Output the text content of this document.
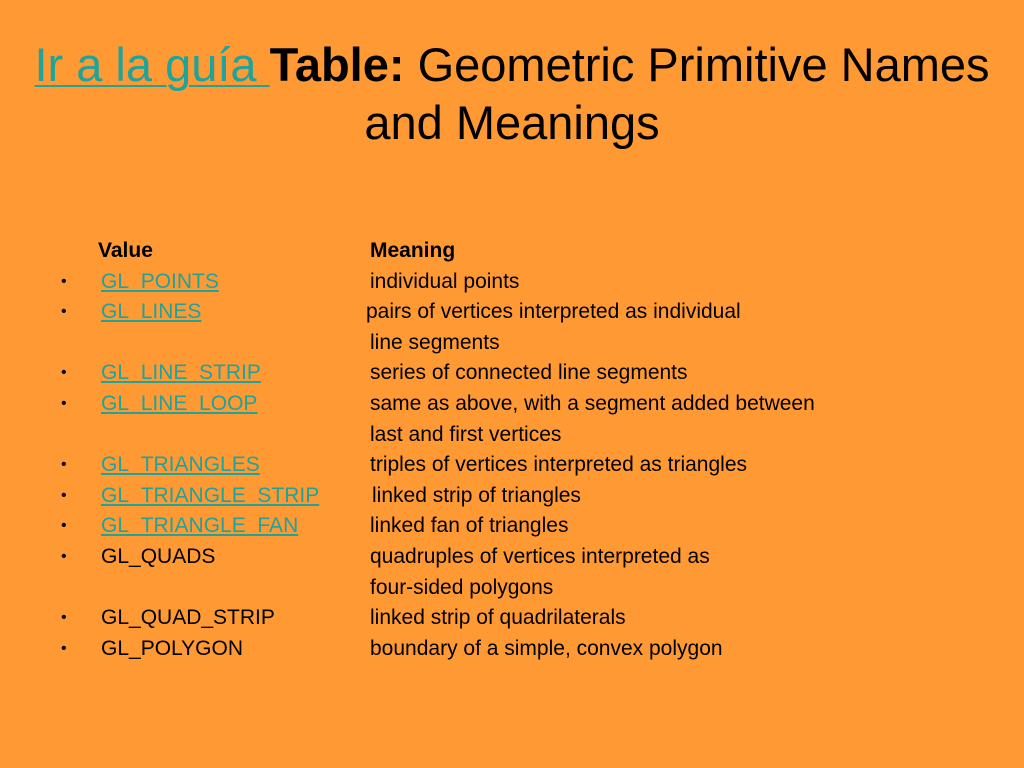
Ir a la guía Table: Geometric Primitive Names and Meanings
Value	Meaning
• GL_POINTS	individual points
• GL_LINES	pairs of vertices interpreted as individual
line segments
• GL_LINE_STRIP	series of connected line segments
• GL_LINE_LOOP	same as above, with a segment added between
last and first vertices
• GL_TRIANGLES	triples of vertices interpreted as triangles
• GL_TRIANGLE_STRIP	linked strip of triangles
• GL_TRIANGLE_FAN	linked fan of triangles
• GL_QUADS	quadruples of vertices interpreted as
four-sided polygons
• GL_QUAD_STRIP	linked strip of quadrilaterals
• GL_POLYGON	boundary of a simple, convex polygon
